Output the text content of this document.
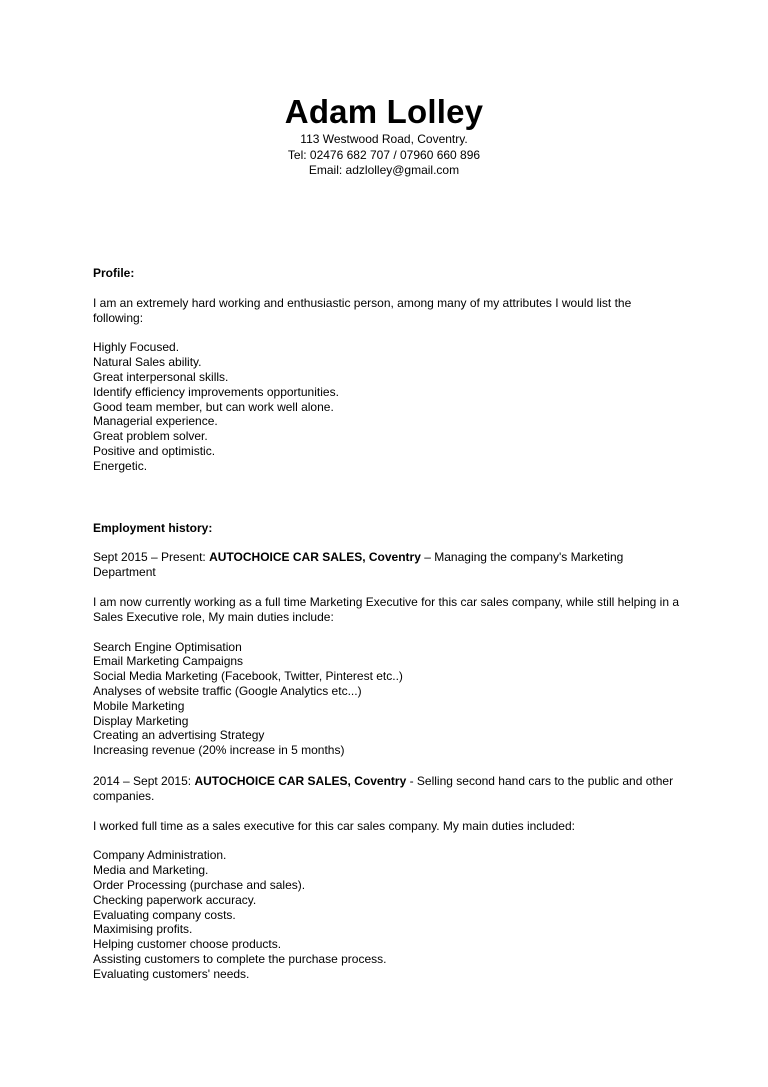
Adam Lolley
113 Westwood Road, Coventry.
Tel: 02476 682 707 / 07960 660 896
Email: adzlolley@gmail.com

Profile:

I am an extremely hard working and enthusiastic person, among many of my attributes I would list the following:

Highly Focused.
Natural Sales ability.
Great interpersonal skills.
Identify efficiency improvements opportunities.
Good team member, but can work well alone.
Managerial experience.
Great problem solver.
Positive and optimistic.
Energetic.

Employment history:

Sept 2015 – Present: AUTOCHOICE CAR SALES, Coventry – Managing the company's Marketing Department

I am now currently working as a full time Marketing Executive for this car sales company, while still helping in a Sales Executive role, My main duties include:

Search Engine Optimisation
Email Marketing Campaigns
Social Media Marketing (Facebook, Twitter, Pinterest etc..)
Analyses of website traffic (Google Analytics etc...)
Mobile Marketing
Display Marketing
Creating an advertising Strategy
Increasing revenue (20% increase in 5 months)

2014 – Sept 2015: AUTOCHOICE CAR SALES, Coventry - Selling second hand cars to the public and other companies.

I worked full time as a sales executive for this car sales company. My main duties included:

Company Administration.
Media and Marketing.
Order Processing (purchase and sales).
Checking paperwork accuracy.
Evaluating company costs.
Maximising profits.
Helping customer choose products.
Assisting customers to complete the purchase process.
Evaluating customers' needs.
